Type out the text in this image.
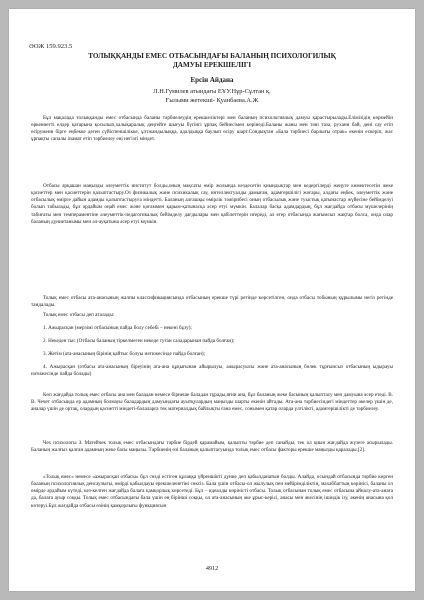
ӘОЖ 159.923.5
ТОЛЫҚҚАНДЫ ЕМЕС ОТБАСЫНДАҒЫ БАЛАНЫҢ ПСИХОЛОГИЛЫҚ
ДАМУЫ ЕРЕКШЕЛІГІ
Ерсін Айдана
Л.Н.Гумилев атындағы ЕҰУ.Нұр-Сұлтан қ.
Ғылыми жетекші- Қуанбаева.А.Ж

Бұл мақалада толыққанды емес отбасында баланы тәрбиелеудің ерекшеліктері мен баланың психологиялық дамуы қарастырылады.Елімізідің көрмейін өркениетті елдер қатарына қосылып,халықаралық деңгейге шығуы бүгінгі ұрпақ бейнесімен көрінеді.Баланы жаны мен тәні таза, рухани бай, дені сау етіп өсіруменн бірге еңбекке деген сүйіспеншілікке, ұлтжандылыққа, адалдыққа баулып өсіру шарт.Сондықтан «Бала тәрбиесі барлығы отрак» екенін ескеріп, жас ұрпақты сапалы азамат етіп тәрбиелеу еңі негізгі міндет.

Отбасы әрқашан маңызды әлеуметтік институт болды,оның мақсаты өмір жолында кездесетін қиындықтар мен кедергілерді жеңуге көмектесетін жеке қасиеттер мен қасиеттерін қалыптастыру.Оз физикалық және психикалық сау, интеллектуалды дамыған, адамгершілігі жоғары, алдағы еңбек, әлеуметтік және отбасылық өмірге дайын адамды қалыптастыруға міндетті. Баланың алғашқы өмірлік тәжірибесі оның отбасылық және туыстық қатынастар жүйесіне бейімделуі болып табылады, бұл әрдайым оңай емес және қоғаммен қарым-қатынасқа әсер етуі мүмкін. Балалар басқа адамдардың, бұл жағдайда отбасы мүшелерінің табиғаты мен темпераментіне әлеуметтік-педагогикалық бейімделу дағдылары мен қабілеттерін игереді, ал егер отбасында жағымсыз жақтар болса, онда олар баланың дүниетанымы мен әл-ауқатына әсер етуі мүмкін.

Толық емес отбасы ата-анасының жалпы классификациясында отбасының ерекше түрі ретінде көрсетілген, онда отбасы тобының құрылымы негіз ретінде таңдалады.

Толық емес отбасы деп аталады:

1. Ажырасқан (мерзімі отбасының пайда болу себебі – некені бұзу);

2. Некеден тыс (Отбасы баланың тіркелмеген некеде туған саладарынан пайда болған);

3. Жетім (ата-анасының бірінің қайтыс болуы нәтижесінде пайда болған);

4. Ажырасқан (отбасы ата-анасының біреуінің ата-ана құқығынан айырылуы, ажырасуысы және ата-анасының бөлек тұрғынсыз отбасының ыдырауы нәтижесінде пайда болады)

Көп жағдайда толық емес отбасы ана мен баладан немесе бірнеше баладан тұрады,яғни ана, бұл баланың жеке басының қалыптасу мен дамуына әсер етеді. В. В. Чечет отбасында ер адамның болмауы баладардың дамуындағы ауытқулардың маңызды шарты екенін айтады. Ата-ана тәрбиесіндегі міндеттер әкелер үшін де, аналар үшін де ортақ, олардың қасиетті міндеті-балаларға тек материалдық байлықты ғана емес, сонымен қатар оларда үлгілікті, адамгершілікті де тәрбиелеу.

Чех психологы З. Матейчек толық емес отбасындағы тәрбие бірдей қарамайым, қалыпты тәрбие деп санайды, тек ол қиын жағдайда жүзеге асырылады. Баланың жалғыз қалған адамның жеке басы маңызы. Тәрбиенің өзі баланың қалыптасуында толық емес отбасы факторы ерекше маңызды қаралады.[2].

«Толық емес» немесе «ажырасқан отбасы» бұл сөзді естіген құлаққа үйреншікті дүние деп қабылданатын болды. Алайда, осындай отбасында тәрбие көрген баланың психологиялық денсаулығы, өмірді қабылдауы ерекшеленетіні сөксіз. Бала үшін отбасы-ол жылулық пен мейірімділіктің, махаббаттың көрінісі, баланы ол өмірде әрдайым күтеді, кез-келген жағдайда балаға қамқорлық көрсетеді. Бұл – идеалды көріністі отбасы. Толық отбасынан толық емес отбасына айналу-ата-анаға да, балаға ауыр соққы. Толық емес отбасындағы бала үшін ең бірінші соққы, ол ата-анасының әке ұрыс-керісі, анасы мен әкесінің ішіндік ізу, әкенің анасына қол көтеруі.Бұл жағдайда отбасы өзінің қамқорлығы функциясын

4912
